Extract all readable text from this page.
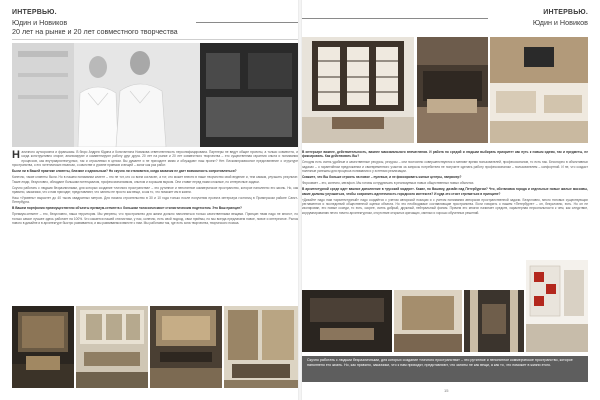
ИНТЕРВЬЮ.
Юдин и Новиков
20 лет на рынке и 20 лет совместного творчества

Наличного аутсорсинга и франшизы. В бюро Андрея Юдина и Константина Новикова ответственность персонифицирована. Партнеры не ведут общие проекты, а только совместно, и когда конструктивно спорят, анализируют и комментируют работу друг друга. 20 лет на рынке и 20 лет совместного творчества – это существенная гарантия опыта и понимания процессов, как внутриархитектурных, так и отраслевых в целом. Вы думаете и не приходите мимо и обсуждают наш проект? Нет. Бескомпромиссное представление о структуре пространства, о его эстетических нюансах, о качестве и уровне приемов и вещей – залог как раз работ.

Были ли в Вашей практике клиенты, близкие к идеальным? Но скучно ли становится, когда заказчик не дает возможность сопротивляться?

Конечно, такие клиенты были. Но в нашем понимании клиент – это не тот, кто со всем согласен, а тот, кто может внести в наше творчество свой ведение и, тем самым, улучшить результат. Такие люди, безусловно, обладают большим потенциалом, профессионализмом, опытом и хорошим вкусом. Они ставят перед нами сложные, но интересные задачи.

Скучно работать с людьми безразличными, для которых создание «личного пространства» – это рутинное и непонятное коммерческое пространство, которое наполнено его жизнь. Но, как правило, заказчики, что к нам приходят, представляют, что заняты не просто как вещи, а как то, что поможет им в жизни.

Наш «Уровень» вырастет до 40 тысяч квадратных метров. Для начала строительство в 30 и 10 года только после получения проекта интерьера гостиниц в Примерском районе Санкт-Петербурга.

В Вашем портфолио преимущественно объекты премиум-сегмента с большим «классическим» стилистическим подтекстом. Это Ваш принцип?

Премиум-сегмент – это, безусловно, наша территория. Мы уверены, что пространство для жизни должно наполняться только качественными вещами. Принцип «вам надо не много», но только самое лучшее здесь работает на 100%. Что касается нашей стилистики, у нас, конечно, есть свой подход, свои приёмы, но мы всегда предлагаем новое, новое и интересное. Рынок нового в дизайне и в архитектуре быстро развивается, и мы развиваемся вместе с ним. Мы работаем так, где есть зона творчества, творческого поиска.

ИНТЕРВЬЮ.
Юдин и Новиков

В интерьере важнее, действительность, важнее максимального впечатления. И работа по средой и людьми выбирать приоритет как путь к новым идеям, так и предметы, не фиксировать. Как действовать Вы?

Сегодня есть очень удобные и качественные ресурсы, ресурсы – они постоянно совершенствуются и меняют время пользователей, профессионалов, то есть нас. Бесспорно в объективных задачах – о гарантийном предложении и своевременного участия за запросы потребителя не получите сделать работу профессионалом – пользователем – конфортной. И не, что создаст полезные успешны для процесса понимания и у эстетики реализации.

Скажите, что Вы больше строить на новое – пулевые, и не фиксировать жилые центры, например?

Форсовает – это, конечно, мегафон. Мы готовы сотрудничать в реализуемых новых общественных новых объектах.

В архитектурной среде идет важное дополнение в «русский модерн». Какие, по Вашему, дизайн над Петербургом? Что, обстановка города и отдельные новые жилые массивы, какие должны улучшаться, чтобы сохранить идентичность городского контекста? И куда это стоит стремиться в принципе?

«Дизайн» надо нам «архитектурный» надо создаётся с учетом авторской позиции и с учетом понимания авторских пространственной задачи. Безусловно, много типовых существующих регламентов и последствий общественной оценки объекта. Но это необходимые составляющие пространства. Если говорить о нашем «Петербурге» – он, безусловно, есть. Но он не изолирован, его новые соседи, то есть, скорее, очень добрый, дружный, нейтральный фоном. Причем это многих начинает средств, характерная персональности к чем, как следствие, коррумпированию нечто ничего архитектурном, отсутствие открытых кричащих, смелых и хорошо обученных решений.

Скучно работать с людьми безразличными, для которых создание «личного пространства» – это рутинное и непонятное коммерческое пространство, которое наполнено его жизнь. Но, как правило, заказчики, что к нам приходят, представляют, что заняты не как вещи, а как то, что поможет в жизни этого.
15
